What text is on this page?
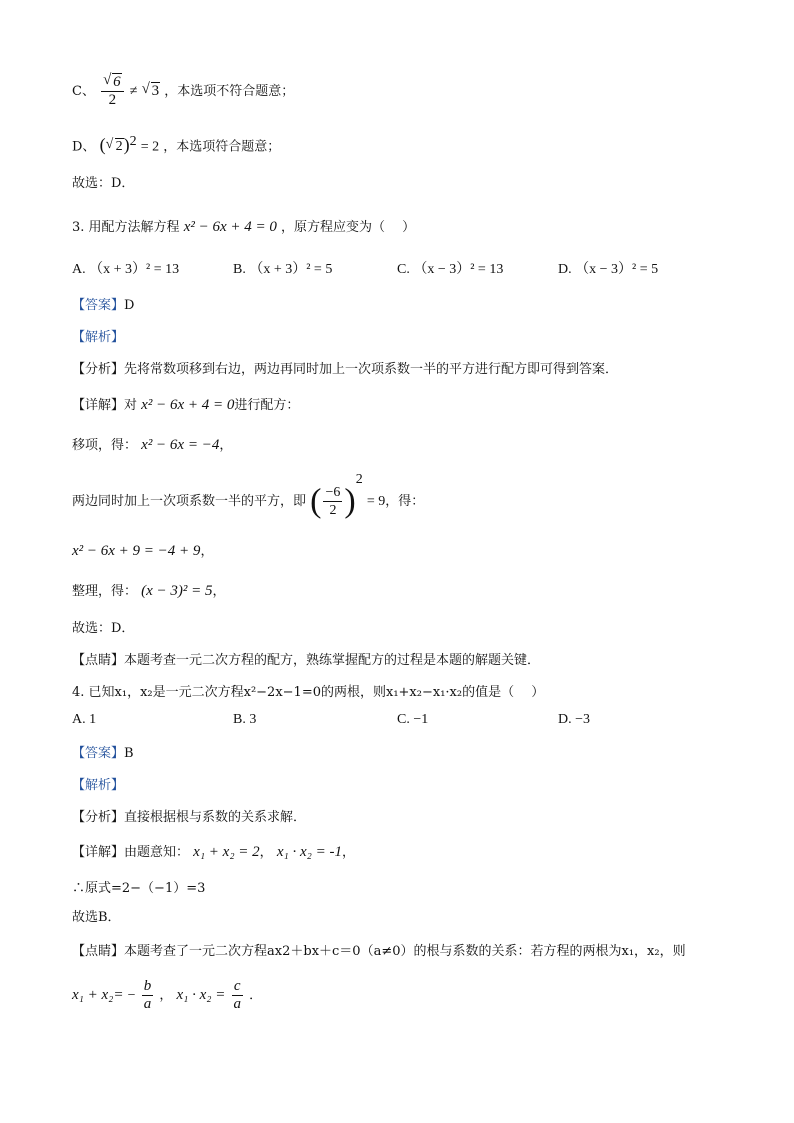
C、 $\frac{√ 6}{2}$ ≠ √ 3 ，本选项不符合题意；
D、 ( √ 2)$^2$ = 2 ，本选项符合题意；
故选：D．
3. 用配方法解方程 x² − 6x + 4 = 0 ，原方程应变为（　 ）
A. （x + 3）² = 13	B. （x + 3）² = 5	C. （x − 3）² = 13	D. （x − 3）² = 5
【答案】D
【解析】
【分析】先将常数项移到右边，两边再同时加上一次项系数一半的平方进行配方即可得到答案．
【详解】对 x² − 6x + 4 = 0进行配方：
移项，得： x² − 6x = −4，
两边同时加上一次项系数一半的平方，即 ( $\frac{-6}{2} )^2 = 9$，得：
x² − 6x + 9 = −4 + 9，
整理，得： (x − 3)² = 5，
故选：D．
【点睛】本题考查一元二次方程的配方，熟练掌握配方的过程是本题的解题关键．
4. 已知x₁，x₂是一元二次方程x²−2x−1=0的两根，则x₁+x₂−x₁·x₂的值是（　 ）
A. 1	B. 3	C. −1	D. −3
【答案】B
【解析】
【分析】直接根据根与系数的关系求解．
【详解】由题意知： x₁ + x₂ = 2， x₁ · x₂ = -1，
∴原式=2−（−1）=3
故选B．
【点睛】本题考查了一元二次方程ax2＋bx＋c＝0（a≠0）的根与系数的关系：若方程的两根为x₁，x₂，则
$x_1 + x_2= - \frac{b}{a}$ ， $x_1 \cdot x_2 = \frac{c}{a}$ ．
